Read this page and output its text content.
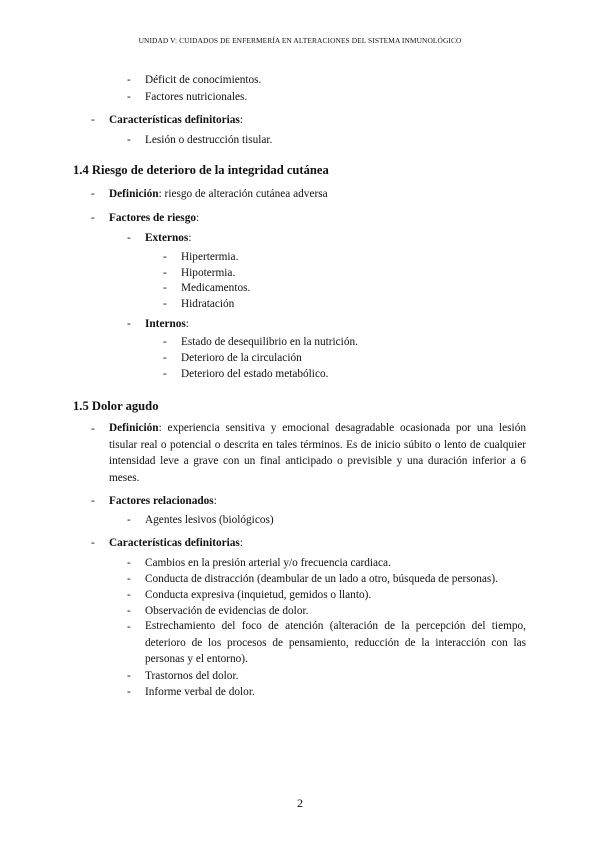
UNIDAD V: CUIDADOS DE ENFERMERÍA EN ALTERACIONES DEL SISTEMA INMUNOLÓGICO
- Déficit de conocimientos.
- Factores nutricionales.
- Características definitorias:
- Lesión o destrucción tisular.
1.4 Riesgo de deterioro de la integridad cutánea
- Definición: riesgo de alteración cutánea adversa
- Factores de riesgo:
- Externos:
- Hipertermia.
- Hipotermia.
- Medicamentos.
- Hidratación
- Internos:
- Estado de desequilibrio en la nutrición.
- Deterioro de la circulación
- Deterioro del estado metabólico.
1.5 Dolor agudo
- Definición: experiencia sensitiva y emocional desagradable ocasionada por una lesión tisular real o potencial o descrita en tales términos. Es de inicio súbito o lento de cualquier intensidad leve a grave con un final anticipado o previsible y una duración inferior a 6 meses.
- Factores relacionados:
- Agentes lesivos (biológicos)
- Características definitorias:
- Cambios en la presión arterial y/o frecuencia cardiaca.
- Conducta de distracción (deambular de un lado a otro, búsqueda de personas).
- Conducta expresiva (inquietud, gemidos o llanto).
- Observación de evidencias de dolor.
- Estrechamiento del foco de atención (alteración de la percepción del tiempo, deterioro de los procesos de pensamiento, reducción de la interacción con las personas y el entorno).
- Trastornos del dolor.
- Informe verbal de dolor.
2
